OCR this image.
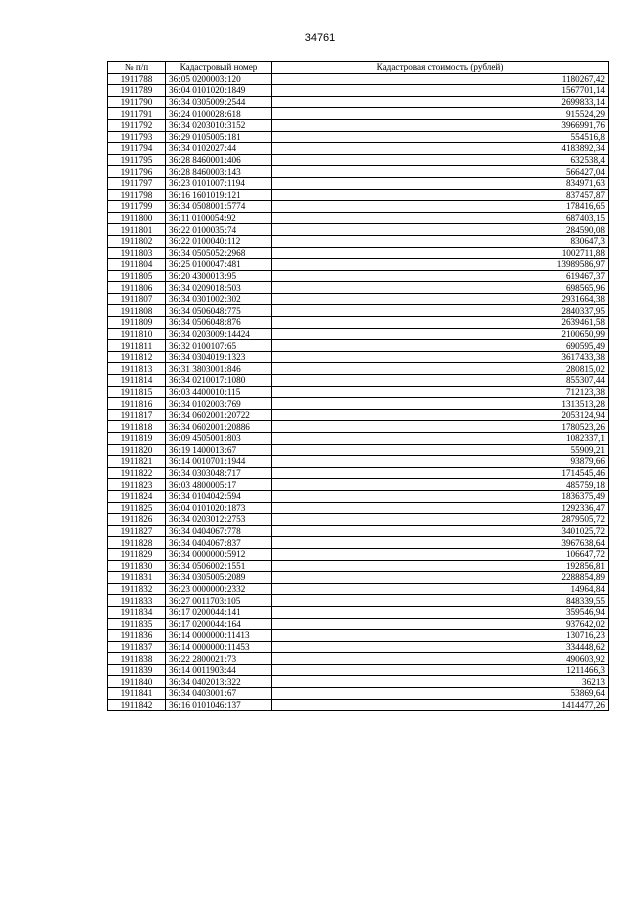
34761
№ п/п	Кадастровый номер	Кадастровая стоимость (рублей)
1911788	36:05 0200003:120	1180267,42
1911789	36:04 0101020:1849	1567701,14
1911790	36:34 0305009:2544	2699833,14
1911791	36:24 0100028:618	915524,29
1911792	36:34 0203010:3152	3966991,76
1911793	36:29 0105005:181	554516,8
1911794	36:34 0102027:44	4183892,34
1911795	36:28 8460001:406	632538,4
1911796	36:28 8460003:143	566427,04
1911797	36:23 0101007:1194	834971,63
1911798	36:16 1601019:121	837457,87
1911799	36:34 0508001:5774	178416,65
1911800	36:11 0100054:92	687403,15
1911801	36:22 0100035:74	284590,08
1911802	36:22 0100040:112	830647,3
1911803	36:34 0505052:2968	1002711,88
1911804	36:25 0100047:481	13989586,97
1911805	36:20 4300013:95	619467,37
1911806	36:34 0209018:503	698565,96
1911807	36:34 0301002:302	2931664,38
1911808	36:34 0506048:775	2840337,95
1911809	36:34 0506048:876	2639461,58
1911810	36:34 0203009:14424	2100650,99
1911811	36:32 0100107:65	690595,49
1911812	36:34 0304019:1323	3617433,38
1911813	36:31 3803001:846	280815,02
1911814	36:34 0210017:1080	855307,44
1911815	36:03 4400010:115	712123,38
1911816	36:34 0102003:769	1313513,28
1911817	36:34 0602001:20722	2053124,94
1911818	36:34 0602001:20886	1780523,26
1911819	36:09 4505001:803	1082337,1
1911820	36:19 1400013:67	55909,21
1911821	36:14 0010701:1944	93879,66
1911822	36:34 0303048:717	1714545,46
1911823	36:03 4800005:17	485759,18
1911824	36:34 0104042:594	1836375,49
1911825	36:04 0101020:1873	1292336,47
1911826	36:34 0203012:2753	2879505,72
1911827	36:34 0404067:778	3401025,72
1911828	36:34 0404067:837	3967638,64
1911829	36:34 0000000:5912	106647,72
1911830	36:34 0506002:1551	192856,81
1911831	36:34 0305005:2089	2288854,89
1911832	36:23 0000000:2332	14964,84
1911833	36:27 0011703:105	848339,55
1911834	36:17 0200044:141	359546,94
1911835	36:17 0200044:164	937642,02
1911836	36:14 0000000:11413	130716,23
1911837	36:14 0000000:11453	334448,62
1911838	36:22 2800021:73	490603,92
1911839	36:14 0011903:44	1211466,3
1911840	36:34 0402013:322	36213
1911841	36:34 0403001:67	53869,64
1911842	36:16 0101046:137	1414477,26
